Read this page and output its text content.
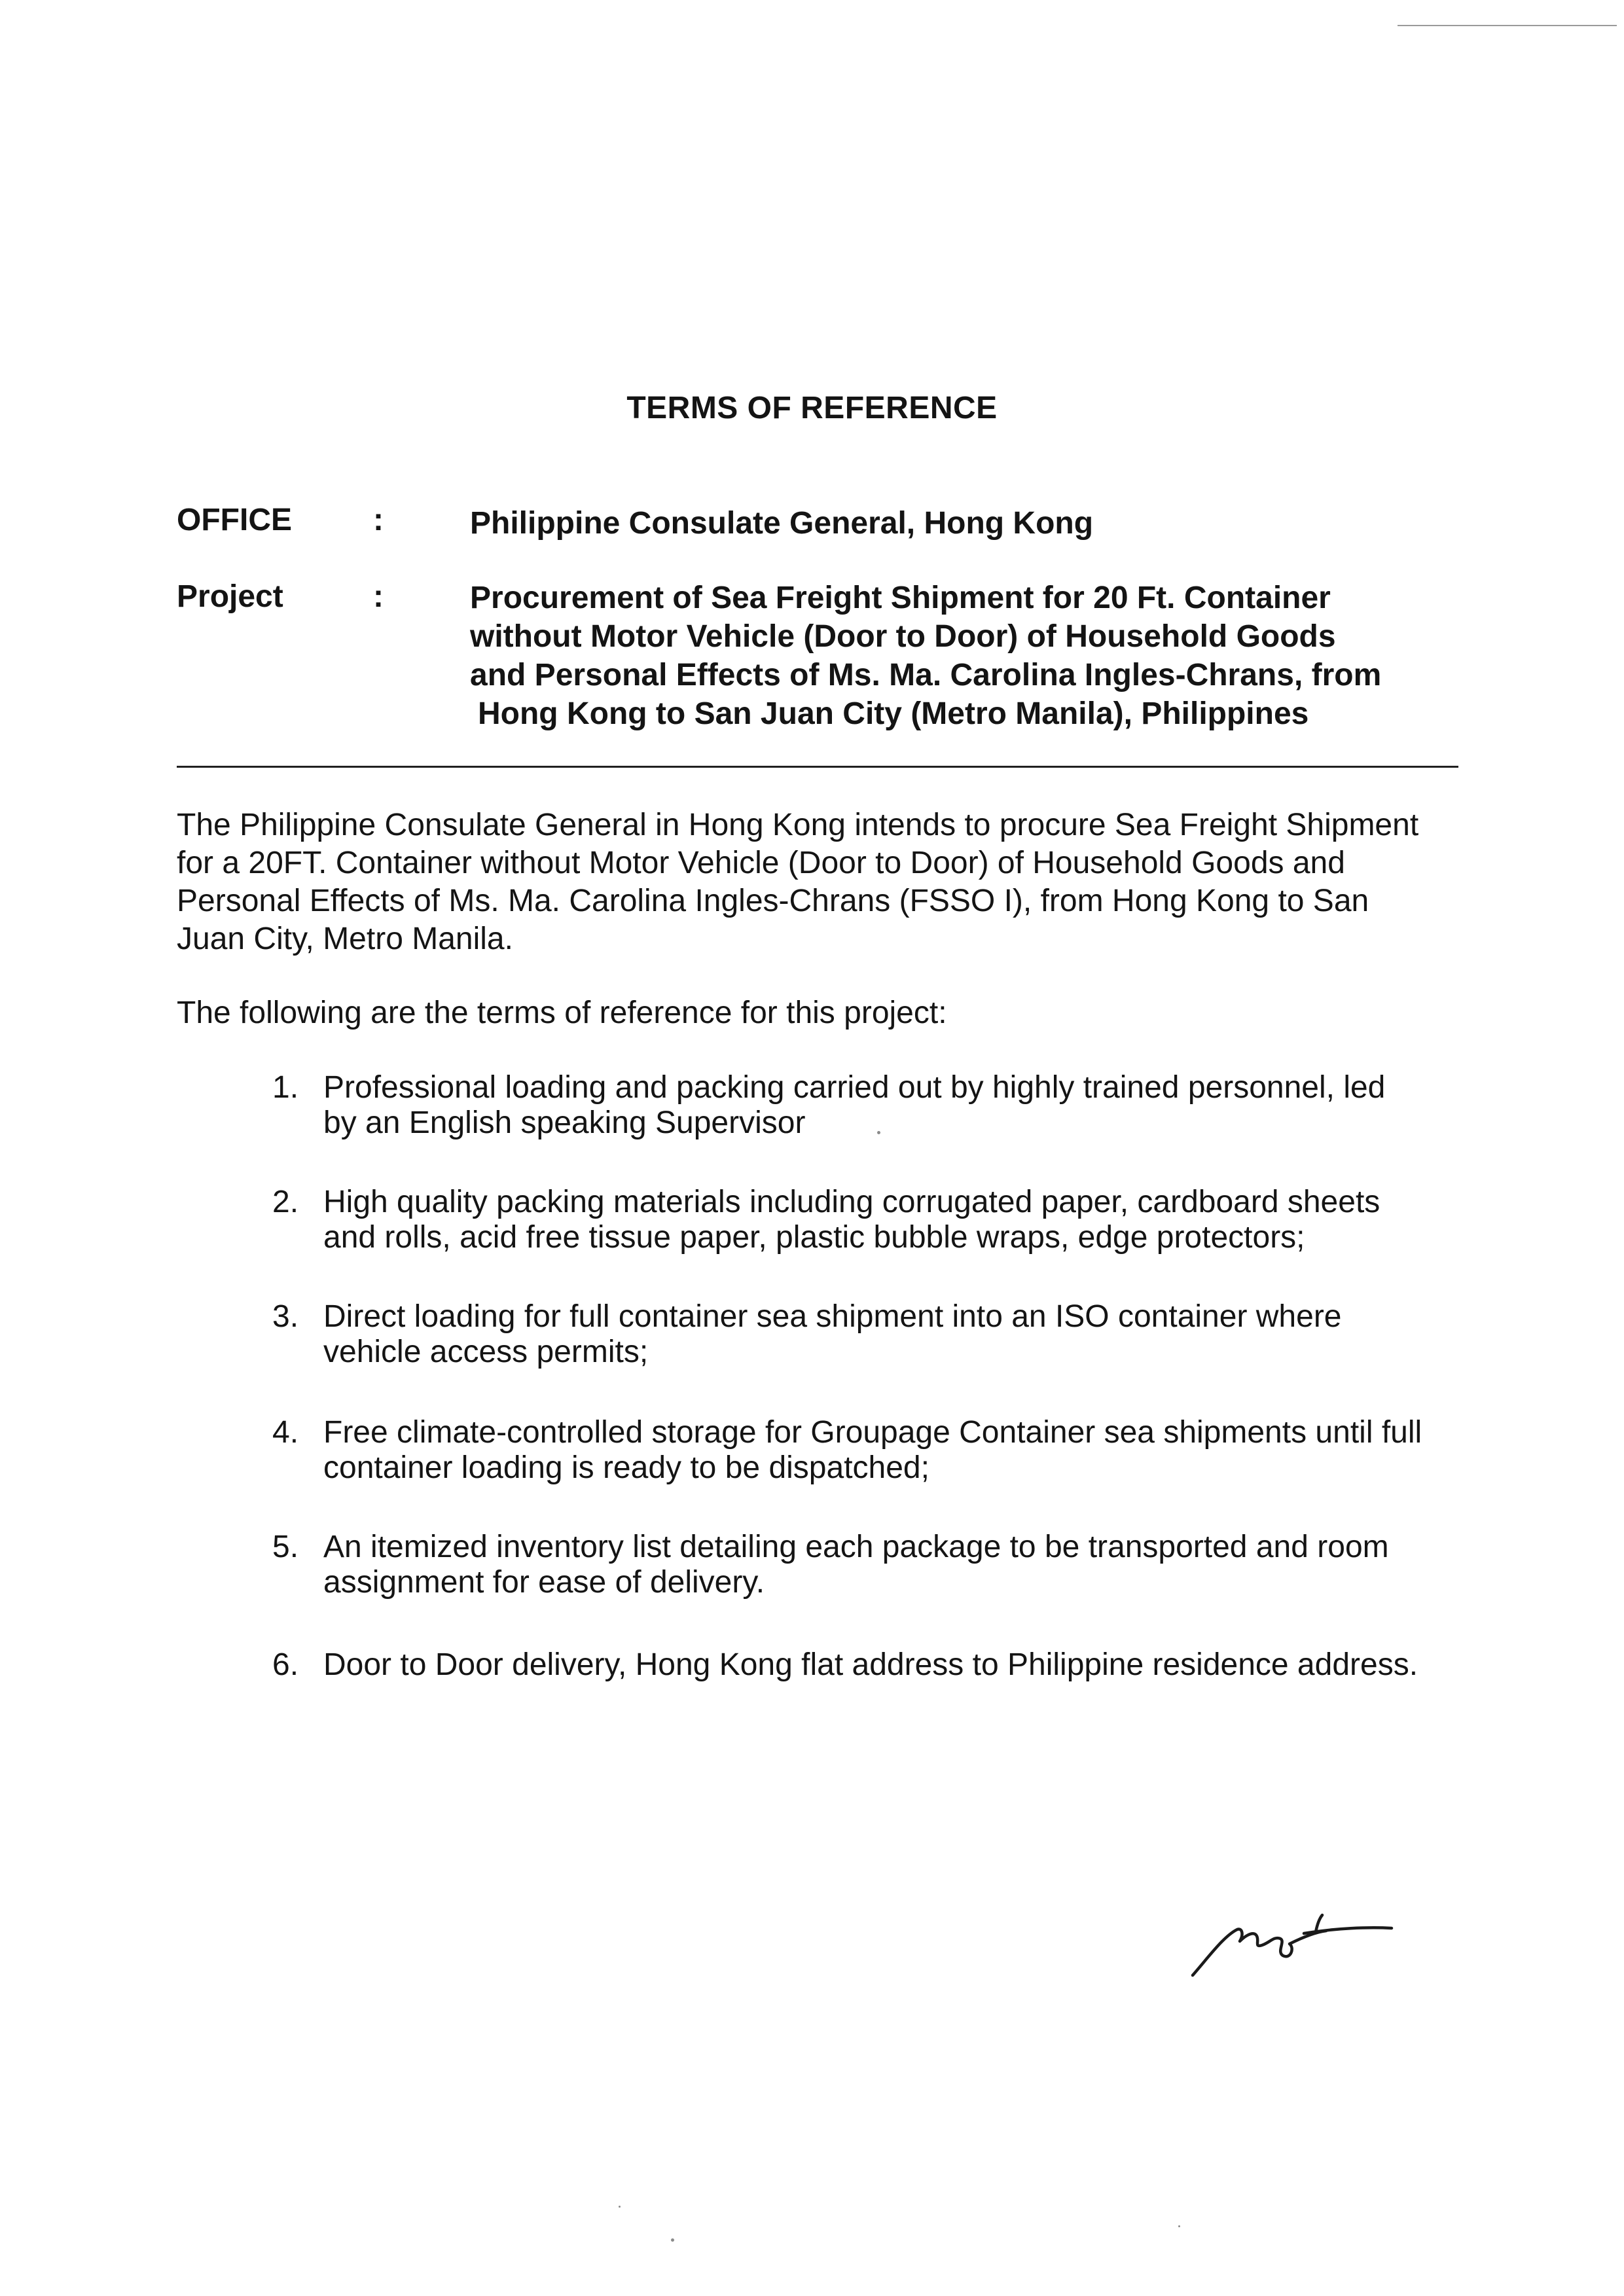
TERMS OF REFERENCE
OFFICE	:	Philippine Consulate General, Hong Kong
Project	:	Procurement of Sea Freight Shipment for 20 Ft. Container
without Motor Vehicle (Door to Door) of Household Goods
and Personal Effects of Ms. Ma. Carolina Ingles-Chrans, from
Hong Kong to San Juan City (Metro Manila), Philippines
The Philippine Consulate General in Hong Kong intends to procure Sea Freight Shipment
for a 20FT. Container without Motor Vehicle (Door to Door) of Household Goods and
Personal Effects of Ms. Ma. Carolina Ingles-Chrans (FSSO I), from Hong Kong to San
Juan City, Metro Manila.

The following are the terms of reference for this project:

1. Professional loading and packing carried out by highly trained personnel, led
by an English speaking Supervisor
2. High quality packing materials including corrugated paper, cardboard sheets
and rolls, acid free tissue paper, plastic bubble wraps, edge protectors;
3. Direct loading for full container sea shipment into an ISO container where
vehicle access permits;
4. Free climate-controlled storage for Groupage Container sea shipments until full
container loading is ready to be dispatched;
5. An itemized inventory list detailing each package to be transported and room
assignment for ease of delivery.
6. Door to Door delivery, Hong Kong flat address to Philippine residence address.
